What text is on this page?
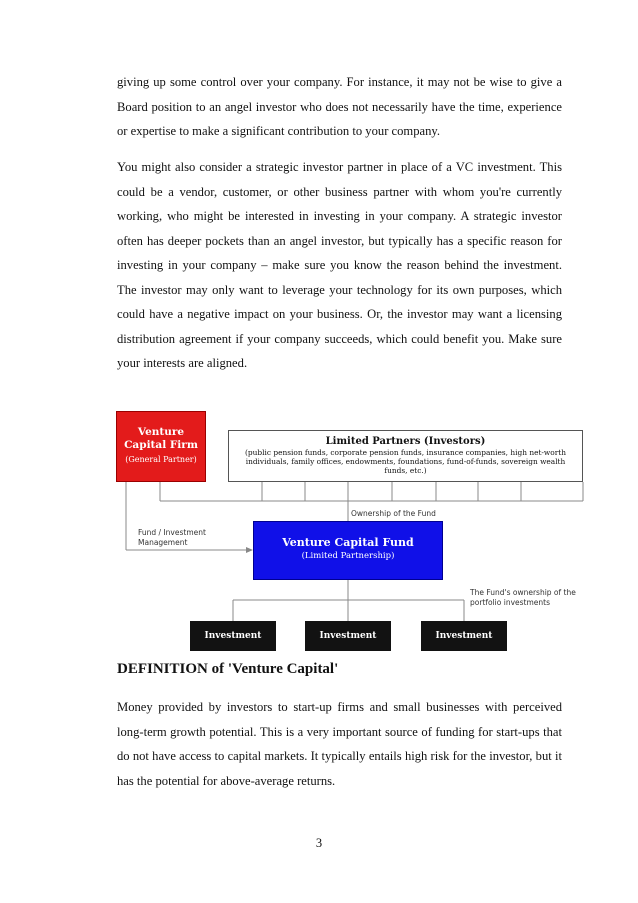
giving up some control over your company. For instance, it may not be wise to give a Board position to an angel investor who does not necessarily have the time, experience or expertise to make a significant contribution to your company.

You might also consider a strategic investor partner in place of a VC investment. This could be a vendor, customer, or other business partner with whom you're currently working, who might be interested in investing in your company. A strategic investor often has deeper pockets than an angel investor, but typically has a specific reason for investing in your company – make sure you know the reason behind the investment. The investor may only want to leverage your technology for its own purposes, which could have a negative impact on your business. Or, the investor may want a licensing distribution agreement if your company succeeds, which could benefit you. Make sure your interests are aligned.

Venture Capital Firm
(General Partner)
Limited Partners (Investors)
(public pension funds, corporate pension funds, insurance companies, high net-worth individuals, family offices, endowments, foundations, fund-of-funds, sovereign wealth funds, etc.)
Ownership of the Fund
Fund / Investment Management
The Fund's ownership of the portfolio investments
Venture Capital Fund
(Limited Partnership)
Investment	Investment	Investment
DEFINITION of 'Venture Capital'

Money provided by investors to start-up firms and small businesses with perceived long-term growth potential. This is a very important source of funding for start-ups that do not have access to capital markets. It typically entails high risk for the investor, but it has the potential for above-average returns.

3
